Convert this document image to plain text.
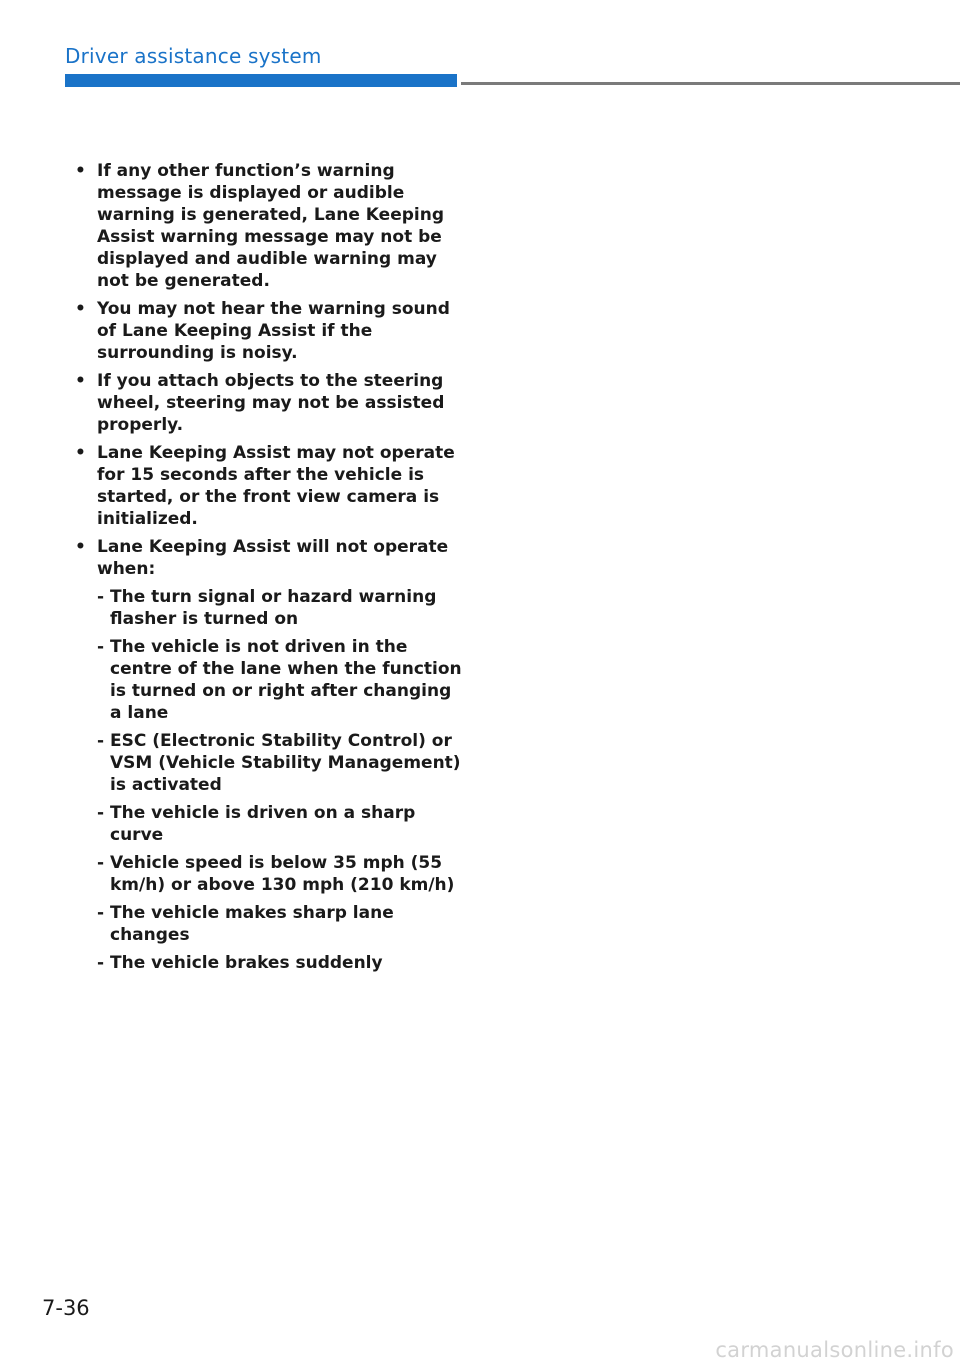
Driver assistance system
• If any other function’s warning message is displayed or audible warning is generated, Lane Keeping Assist warning message may not be displayed and audible warning may not be generated.
• You may not hear the warning sound of Lane Keeping Assist if the surrounding is noisy.
• If you attach objects to the steering wheel, steering may not be assisted properly.
• Lane Keeping Assist may not operate for 15 seconds after the vehicle is started, or the front view camera is initialized.
• Lane Keeping Assist will not operate when:
- The turn signal or hazard warning flasher is turned on
- The vehicle is not driven in the centre of the lane when the function is turned on or right after changing a lane
- ESC (Electronic Stability Control) or VSM (Vehicle Stability Management) is activated
- The vehicle is driven on a sharp curve
- Vehicle speed is below 35 mph (55 km/h) or above 130 mph (210 km/h)
- The vehicle makes sharp lane changes
- The vehicle brakes suddenly
7-36
carmanualsonline.info
